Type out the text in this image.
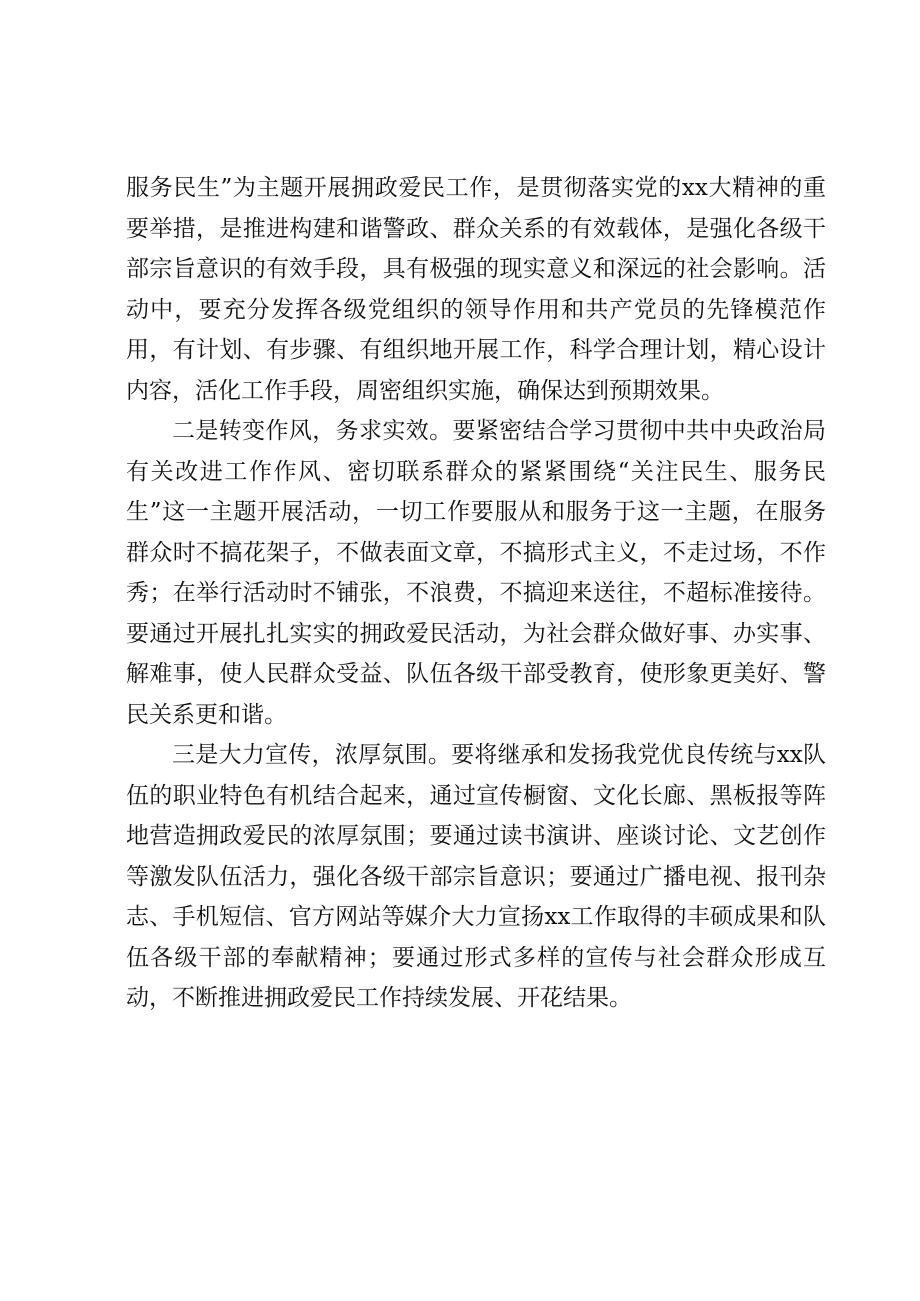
服务民生”为主题开展拥政爱民工作，是贯彻落实党的xx大精神的重要举措，是推进构建和谐警政、群众关系的有效载体，是强化各级干部宗旨意识的有效手段，具有极强的现实意义和深远的社会影响。活动中，要充分发挥各级党组织的领导作用和共产党员的先锋模范作用，有计划、有步骤、有组织地开展工作，科学合理计划，精心设计内容，活化工作手段，周密组织实施，确保达到预期效果。

二是转变作风，务求实效。要紧密结合学习贯彻中共中央政治局有关改进工作作风、密切联系群众的紧紧围绕“关注民生、服务民生”这一主题开展活动，一切工作要服从和服务于这一主题，在服务群众时不搞花架子，不做表面文章，不搞形式主义，不走过场，不作秀；在举行活动时不铺张，不浪费，不搞迎来送往，不超标准接待。要通过开展扎扎实实的拥政爱民活动，为社会群众做好事、办实事、解难事，使人民群众受益、队伍各级干部受教育，使形象更美好、警民关系更和谐。

三是大力宣传，浓厚氛围。要将继承和发扬我党优良传统与xx队伍的职业特色有机结合起来，通过宣传橱窗、文化长廊、黑板报等阵地营造拥政爱民的浓厚氛围；要通过读书演讲、座谈讨论、文艺创作等激发队伍活力，强化各级干部宗旨意识；要通过广播电视、报刊杂志、手机短信、官方网站等媒介大力宣扬xx工作取得的丰硕成果和队伍各级干部的奉献精神；要通过形式多样的宣传与社会群众形成互动，不断推进拥政爱民工作持续发展、开花结果。
